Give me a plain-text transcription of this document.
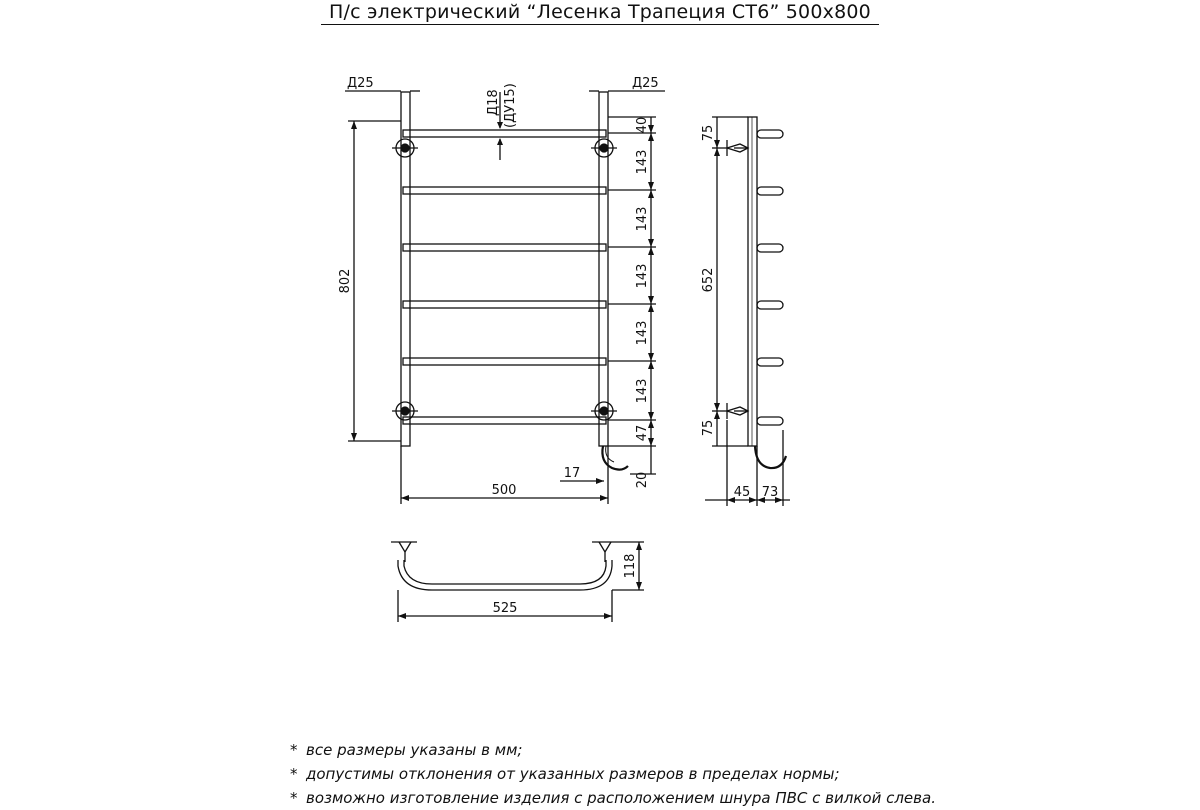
П/с электрический “Лесенка Трапеция СТ6” 500х800
Д25	Д25
Д18 (ДУ15)
802
40
143
143
143
143
143
47
20
17
500
75
652
75
45 73
118
525
* все размеры указаны в мм;
* допустимы отклонения от указанных размеров в пределах нормы;
* возможно изготовление изделия с расположением шнура ПВС с вилкой слева.
